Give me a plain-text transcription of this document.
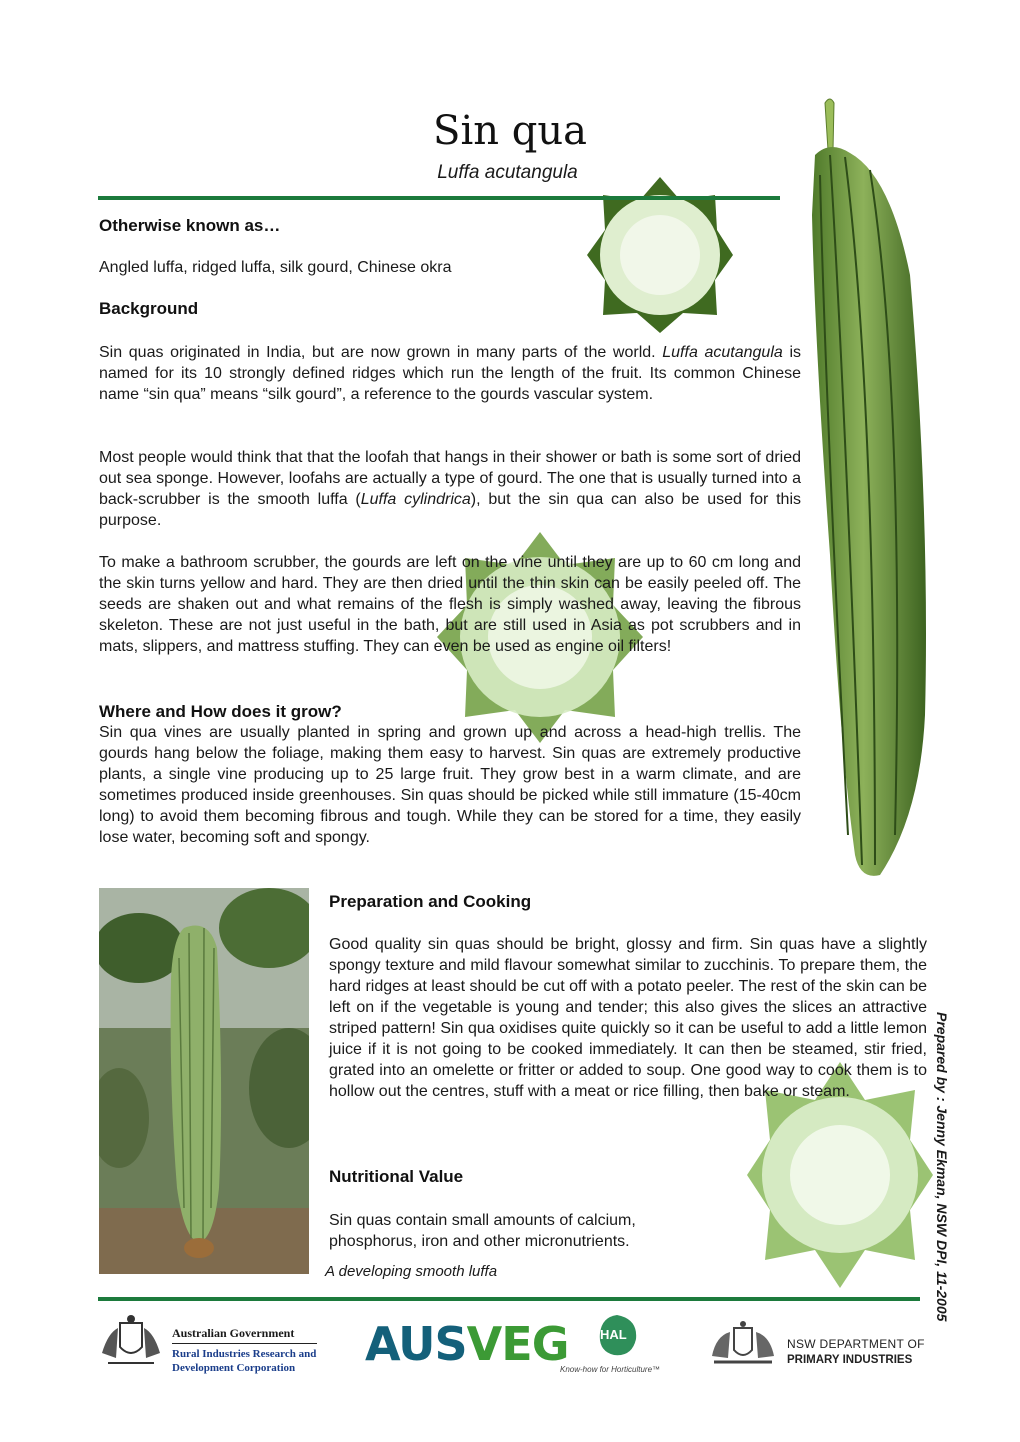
Sin qua
Luffa acutangula
Otherwise known as…

Angled luffa, ridged luffa, silk gourd, Chinese okra

Background

Sin quas originated in India, but are now grown in many parts of the world. Luffa acutangula is named for its 10 strongly defined ridges which run the length of the fruit. Its common Chinese name “sin qua” means “silk gourd”, a reference to the gourds vascular system.

Most people would think that that the loofah that hangs in their shower or bath is some sort of dried out sea sponge. However, loofahs are actually a type of gourd. The one that is usually turned into a back-scrubber is the smooth luffa (Luffa cylindrica), but the sin qua can also be used for this purpose.

To make a bathroom scrubber, the gourds are left on the vine until they are up to 60 cm long and the skin turns yellow and hard. They are then dried until the thin skin can be easily peeled off. The seeds are shaken out and what remains of the flesh is simply washed away, leaving the fibrous skeleton. These are not just useful in the bath, but are still used in Asia as pot scrubbers and in mats, slippers, and mattress stuffing. They can even be used as engine oil filters!

Where and How does it grow?

Sin qua vines are usually planted in spring and grown up and across a head-high trellis. The gourds hang below the foliage, making them easy to harvest. Sin quas are extremely productive plants, a single vine producing up to 25 large fruit. They grow best in a warm climate, and are sometimes produced inside greenhouses. Sin quas should be picked while still immature (15-40cm long) to avoid them becoming fibrous and tough. While they can be stored for a time, they easily lose water, becoming soft and spongy.

A developing smooth luffa
Preparation and Cooking

Good quality sin quas should be bright, glossy and firm. Sin quas have a slightly spongy texture and mild flavour somewhat similar to zucchinis. To prepare them, the hard ridges at least should be cut off with a potato peeler. The rest of the skin can be left on if the vegetable is young and tender; this also gives the slices an attractive striped pattern! Sin qua oxidises quite quickly so it can be useful to add a little lemon juice if it is not going to be cooked immediately. It can then be steamed, stir fried, grated into an omelette or fritter or added to soup. One good way to cook them is to hollow out the centres, stuff with a meat or rice filling, then bake or steam.

Nutritional Value

Sin quas contain small amounts of calcium, phosphorus, iron and other micronutrients.	Prepared by : Jenny Ekman, NSW DPI, 11-2005
Australian Government
Rural Industries Research and
Development Corporation AUSVEG HAL
Know-how for Horticulture™
NSW DEPARTMENT OF
PRIMARY INDUSTRIES
